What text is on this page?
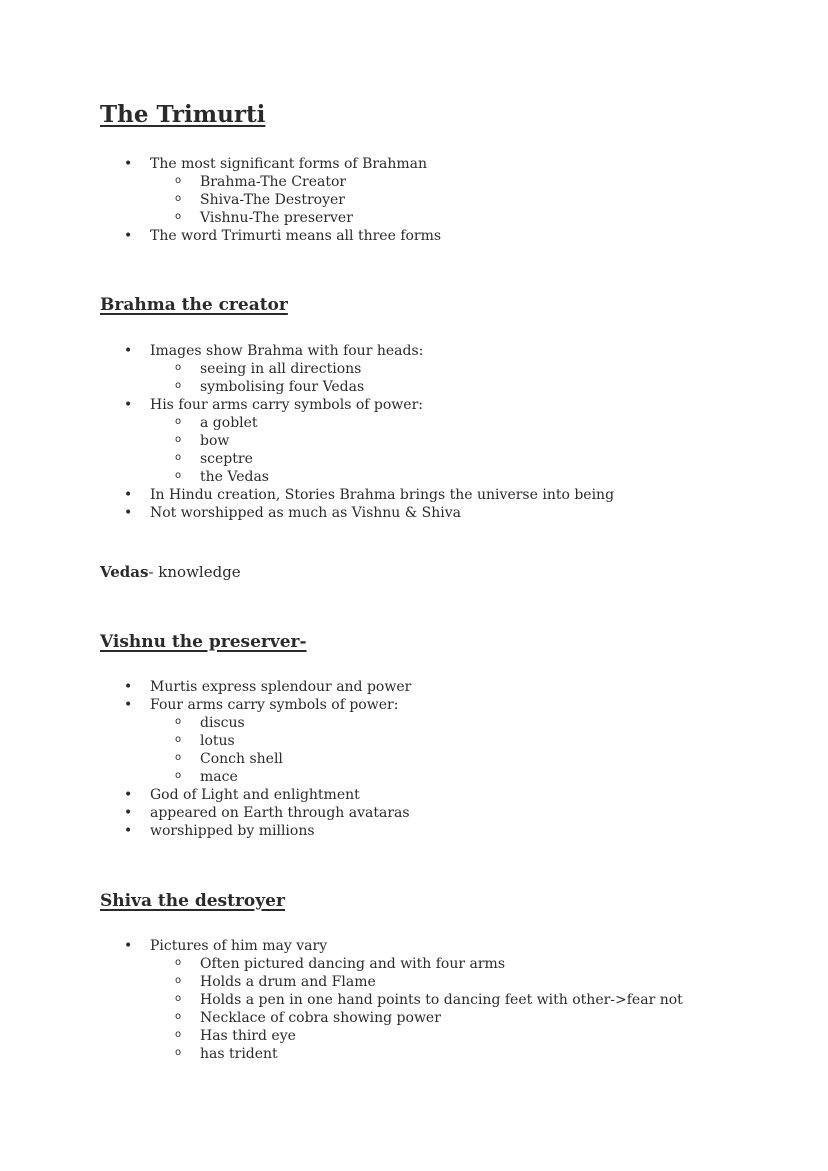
The Trimurti
• The most significant forms of Brahman
o Brahma-The Creator
o Shiva-The Destroyer
o Vishnu-The preserver
• The word Trimurti means all three forms
Brahma the creator
• Images show Brahma with four heads:
o seeing in all directions
o symbolising four Vedas
• His four arms carry symbols of power:
o a goblet
o bow
o sceptre
o the Vedas
• In Hindu creation, Stories Brahma brings the universe into being
• Not worshipped as much as Vishnu & Shiva
Vedas- knowledge
Vishnu the preserver-
• Murtis express splendour and power
• Four arms carry symbols of power:
o discus
o lotus
o Conch shell
o mace
• God of Light and enlightment
• appeared on Earth through avataras
• worshipped by millions
Shiva the destroyer
• Pictures of him may vary
o Often pictured dancing and with four arms
o Holds a drum and Flame
o Holds a pen in one hand points to dancing feet with other->fear not
o Necklace of cobra showing power
o Has third eye
o has trident
